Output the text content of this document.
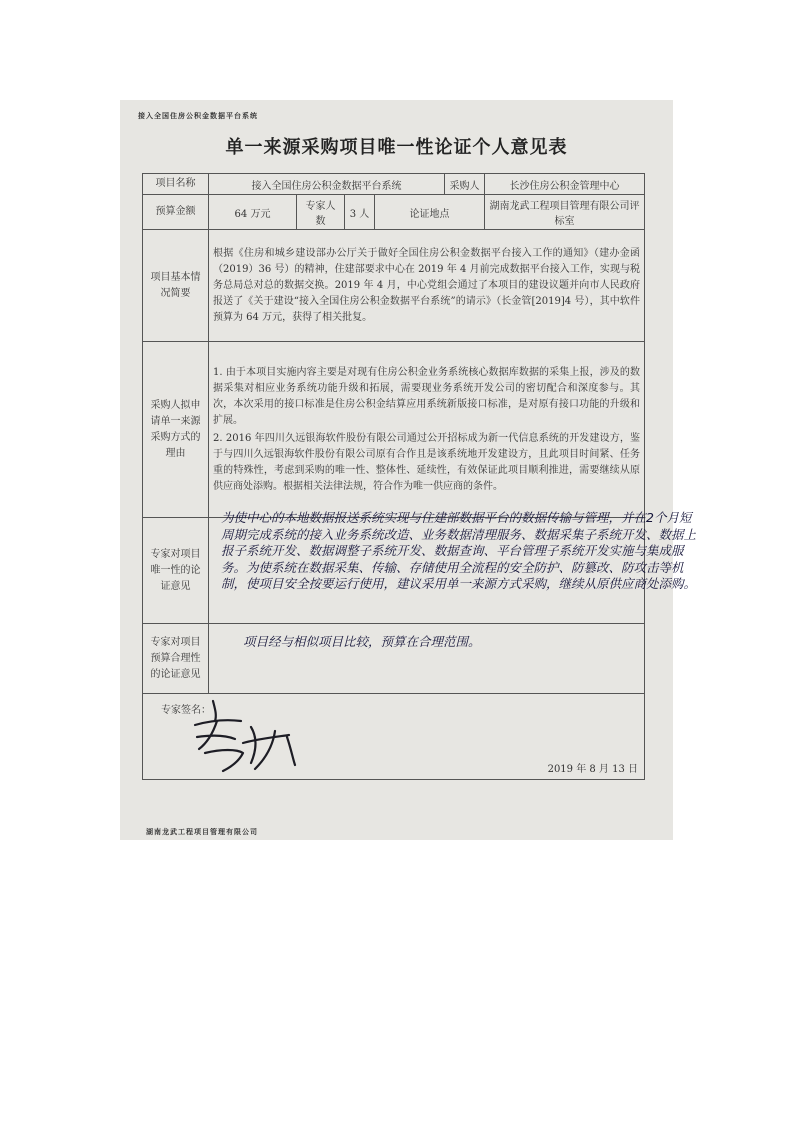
接入全国住房公积金数据平台系统
单一来源采购项目唯一性论证个人意见表
项目名称	接入全国住房公积金数据平台系统				采购人	长沙住房公积金管理中心
预算金额	64 万元	专家人数	3 人	论证地点		湖南龙武工程项目管理有限公司评标室
项目基本情况简要	根据《住房和城乡建设部办公厅关于做好全国住房公积金数据平台接入工作的通知》（建办金函（2019）36 号）的精神，住建部要求中心在 2019 年 4 月前完成数据平台接入工作，实现与税务总局总对总的数据交换。2019 年 4 月，中心党组会通过了本项目的建设议题并向市人民政府报送了《关于建设“接入全国住房公积金数据平台系统”的请示》（长金管[2019]4 号），其中软件预算为 64 万元，获得了相关批复。					
采购人拟申请单一来源采购方式的理由	1. 由于本项目实施内容主要是对现有住房公积金业务系统核心数据库数据的采集上报，涉及的数据采集对相应业务系统功能升级和拓展，需要现业务系统开发公司的密切配合和深度参与。其次，本次采用的接口标准是住房公积金结算应用系统新版接口标准，是对原有接口功能的升级和扩展。
2. 2016 年四川久远银海软件股份有限公司通过公开招标成为新一代信息系统的开发建设方，鉴于与四川久远银海软件股份有限公司原有合作且是该系统地开发建设方，且此项目时间紧、任务重的特殊性，考虑到采购的唯一性、整体性、延续性，有效保证此项目顺利推进，需要继续从原供应商处添购。根据相关法律法规，符合作为唯一供应商的条件。					

专家对项目唯一性的论证意见	为使中心的本地数据报送系统实现与住建部数据平台的数据传输与管理，并在2个月短周期完成系统的接入业务系统改造、业务数据清理服务、数据采集子系统开发、数据上报子系统开发、数据调整子系统开发、数据查询、平台管理子系统开发实施与集成服务。为使系统在数据采集、传输、存储使用全流程的安全防护、防篡改、防攻击等机制，使项目安全按要运行使用，建议采用单一来源方式采购，继续从原供应商处添购。					

专家对项目预算合理性的论证意见	项目经与相似项目比较，预算在合理范围。					

专家签名：
2019 年 8 月 13 日						
湖南龙武工程项目管理有限公司
